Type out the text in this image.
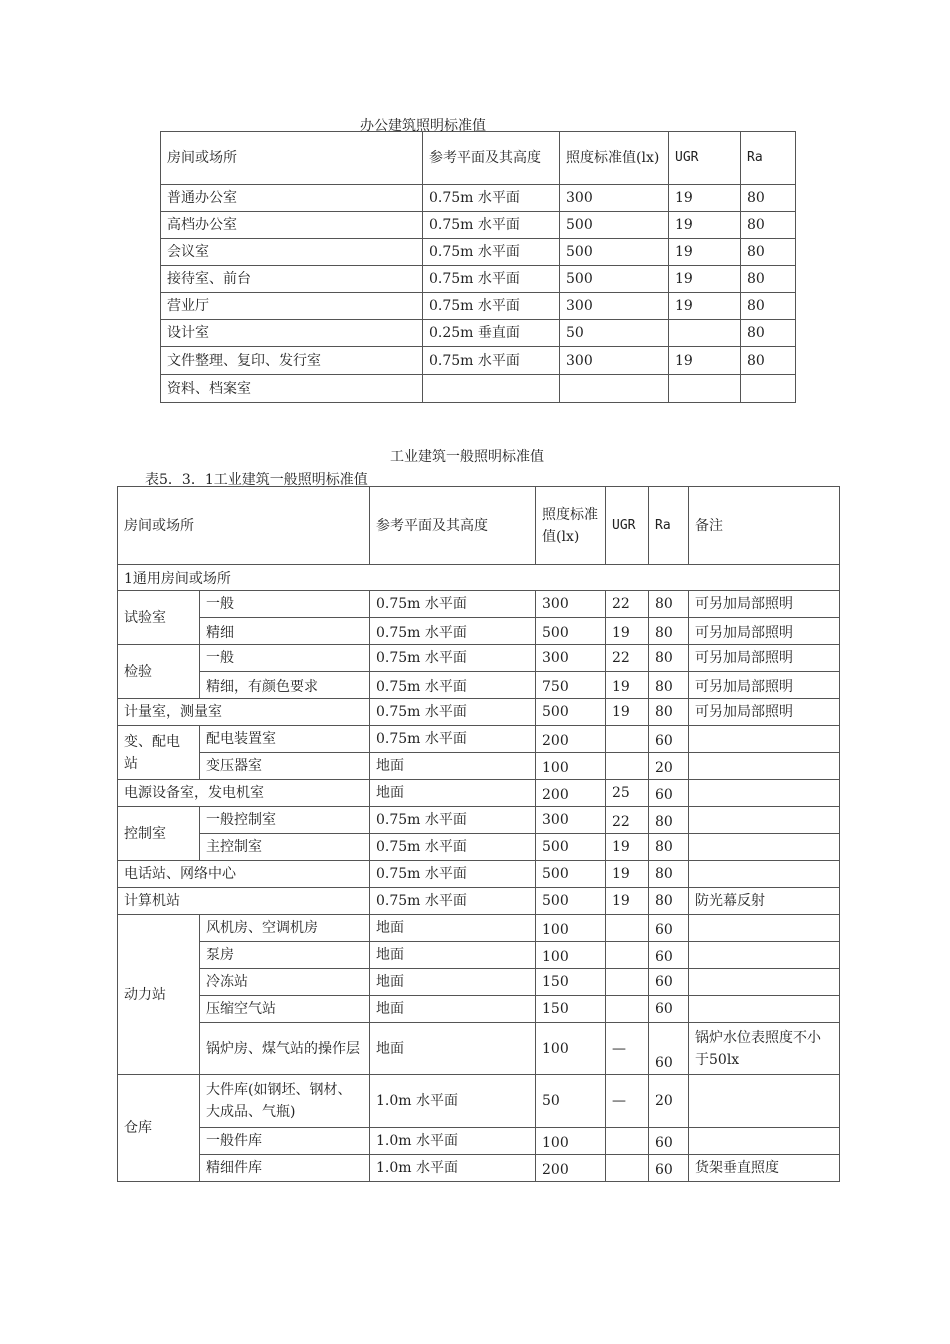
办公建筑照明标准值
房间或场所	参考平面及其高度	照度标准值(lx)	UGR	Ra
普通办公室	0.75m 水平面	300	19	80
高档办公室	0.75m 水平面	500	19	80
会议室	0.75m 水平面	500	19	80
接待室、前台	0.75m 水平面	500	19	80
营业厅	0.75m 水平面	300	19	80
设计室	0.25m 垂直面	50		80
文件整理、复印、发行室	0.75m 水平面	300	19	80
资料、档案室				
工业建筑一般照明标准值
表5．3．1工业建筑一般照明标准值
房间或场所		参考平面及其高度	照度标准值(lx)	UGR	Ra	备注
1通用房间或场所						
试验室	一般	0.75m 水平面	300	22	80	可另加局部照明
	精细	0.75m 水平面	500	19	80	可另加局部照明
检验	一般	0.75m 水平面	300	22	80	可另加局部照明
	精细，有颜色要求	0.75m 水平面	750	19	80	可另加局部照明
计量室，测量室		0.75m 水平面	500	19	80	可另加局部照明
变、配电站	配电装置室	0.75m 水平面	200		60	
	变压器室	地面	100		20	
电源设备室，发电机室		地面	200	25	60	
控制室	一般控制室	0.75m 水平面	300	22	80	
	主控制室	0.75m 水平面	500	19	80	
电话站、网络中心		0.75m 水平面	500	19	80	
计算机站		0.75m 水平面	500	19	80	防光幕反射
动力站	风机房、空调机房	地面	100		60	
	泵房	地面	100		60	
	冷冻站	地面	150		60	
	压缩空气站	地面	150		60	
	锅炉房、煤气站的操作层	地面	100	—	60	锅炉水位表照度不小于50lx
仓库	大件库(如钢坯、钢材、大成品、气瓶)	1.0m 水平面	50	—	20	
	一般件库	1.0m 水平面	100		60	
	精细件库	1.0m 水平面	200		60	货架垂直照度
